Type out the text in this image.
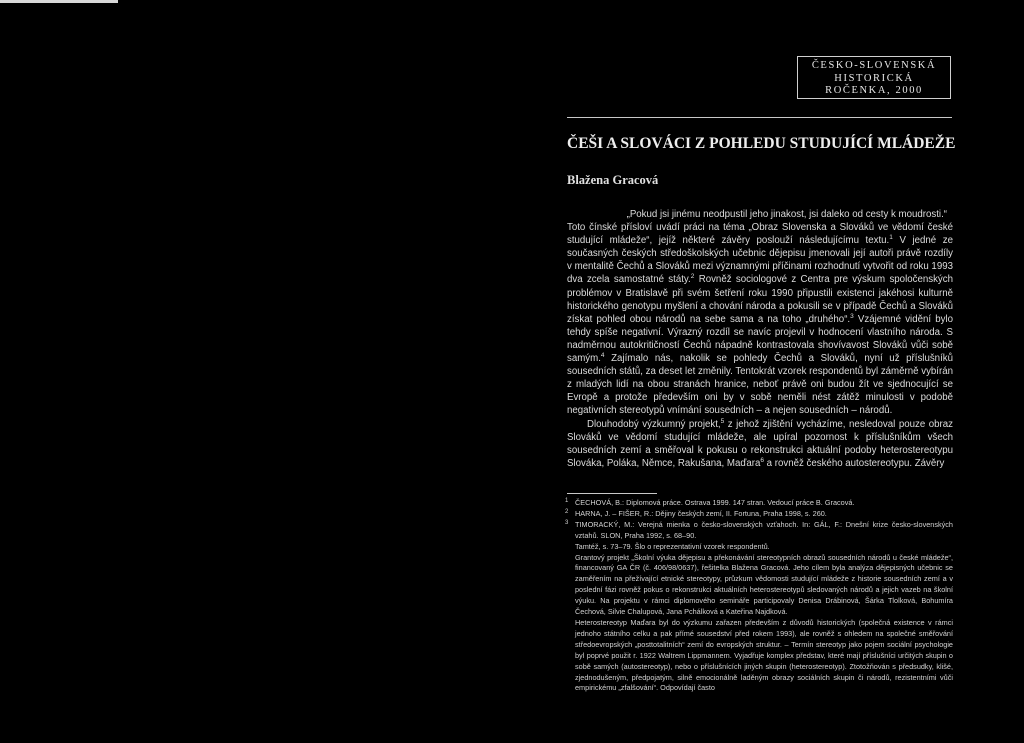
ČESKO-SLOVENSKÁ
HISTORICKÁ
ROČENKA, 2000
ČEŠI A SLOVÁCI Z POHLEDU STUDUJÍCÍ MLÁDEŽE
Blažena Gracová

„Pokud jsi jinému neodpustil jeho jinakost, jsi daleko od cesty k moudrosti.“

Toto čínské přísloví uvádí práci na téma „Obraz Slovenska a Slováků ve vědomí české studující mládeže“, jejíž některé závěry poslouží následujícímu textu.$^1$ V jedné ze současných českých středoškolských učebnic dějepisu jmenovali její autoři právě rozdíly v mentalitě Čechů a Slováků mezi významnými příčinami rozhodnutí vytvořit od roku 1993 dva zcela samostatné státy.$^2$ Rovněž sociologové z Centra pre výskum spoločenských problémov v Bratislavě při svém šetření roku 1990 připustili existenci jakéhosi kulturně historického genotypu myšlení a chování národa a pokusili se v případě Čechů a Slováků získat pohled obou národů na sebe sama a na toho „druhého“.$^3$ Vzájemné vidění bylo tehdy spíše negativní. Výrazný rozdíl se navíc projevil v hodnocení vlastního národa. S nadměrnou autokritičností Čechů nápadně kontrastovala shovívavost Slováků vůči sobě samým.$^4$ Zajímalo nás, nakolik se pohledy Čechů a Slováků, nyní už příslušníků sousedních států, za deset let změnily. Tentokrát vzorek respondentů byl záměrně vybírán z mladých lidí na obou stranách hranice, neboť právě oni budou žít ve sjednocující se Evropě a protože především oni by v sobě neměli nést zátěž minulosti v podobě negativních stereotypů vnímání sousedních – a nejen sousedních – národů.

Dlouhodobý výzkumný projekt,$^5$ z jehož zjištění vycházíme, nesledoval pouze obraz Slováků ve vědomí studující mládeže, ale upíral pozornost k příslušníkům všech sousedních zemí a směřoval k pokusu o rekonstrukci aktuální podoby heterostereotypu Slováka, Poláka, Němce, Rakušana, Maďara$^6$ a rovněž českého autostereotypu. Závěry

1 ČECHOVÁ, B.: Diplomová práce. Ostrava 1999. 147 stran. Vedoucí práce B. Gracová.
2 HARNA, J. – FIŠER, R.: Dějiny českých zemí, II. Fortuna, Praha 1998, s. 260.
3 TIMORACKÝ, M.: Verejná mienka o česko-slovenských vzťahoch. In: GÁL, F.: Dnešní krize česko-slovenských vztahů. SLON, Praha 1992, s. 68–90.
Tamtéž, s. 73–79. Šlo o reprezentativní vzorek respondentů.
Grantový projekt „Školní výuka dějepisu a překonávání stereotypních obrazů sousedních národů u české mládeže“, financovaný GA ČR (č. 406/98/0637), řešitelka Blažena Gracová. Jeho cílem byla analýza dějepisných učebnic se zaměřením na přežívající etnické stereotypy, průzkum vědomosti studující mládeže z historie sousedních zemí a v poslední fázi rovněž pokus o rekonstrukci aktuálních heterostereotypů sledovaných národů a jejich vazeb na školní výuku. Na projektu v rámci diplomového semináře participovaly Denisa Drábinová, Šárka Tlolková, Bohumíra Čechová, Silvie Chalupová, Jana Pchálková a Kateřina Najdková.
Heterostereotyp Maďara byl do výzkumu zařazen především z důvodů historických (společná existence v rámci jednoho státního celku a pak přímé sousedství před rokem 1993), ale rovněž s ohledem na společné směřování středoevropských „posttotalitních“ zemí do evropských struktur. – Termín stereotyp jako pojem sociální psychologie byl poprvé použit r. 1922 Waltrem Lippmannem. Vyjadřuje komplex představ, které mají příslušníci určitých skupin o sobě samých (autostereotyp), nebo o příslušnících jiných skupin (heterostereotyp). Ztotožňován s předsudky, klišé, zjednodušeným, předpojatým, silně emocionálně laděným obrazy sociálních skupin či národů, rezistentními vůči empirickému „zfalšování“. Odpovídají často
